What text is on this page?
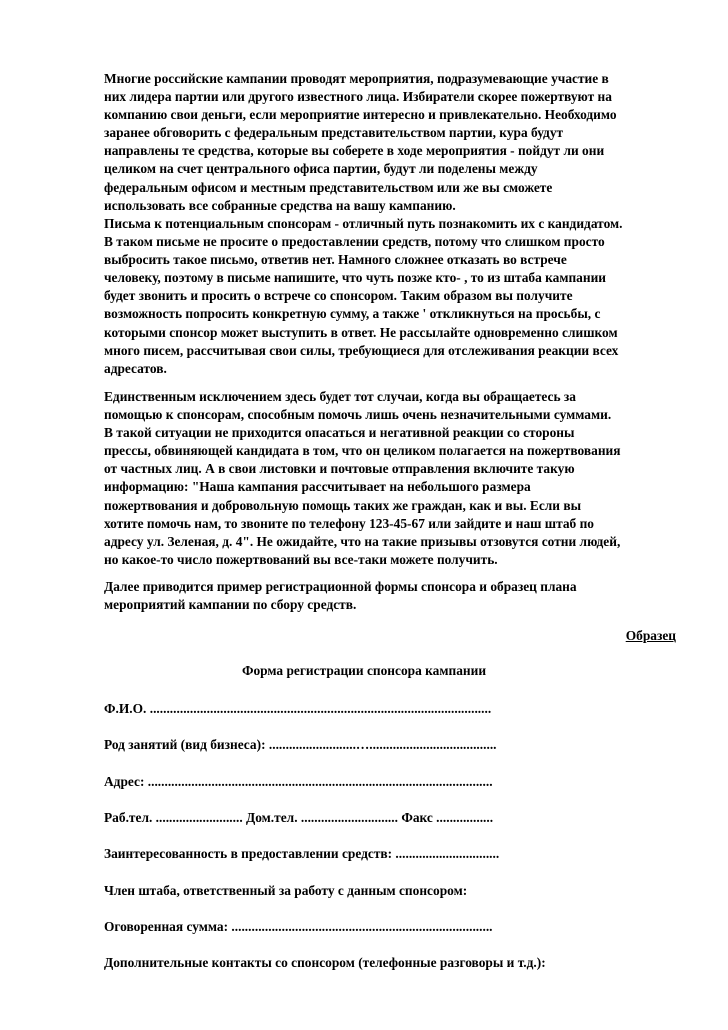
Многие российские кампании проводят мероприятия, подразумевающие участие в
них лидера партии или другого известного лица. Избиратели скорее пожертвуют на
компанию свои деньги, если мероприятие интересно и привлекательно. Необходимо
заранее обговорить с федеральным представительством партии, кура будут
направлены те средства, которые вы соберете в ходе мероприятия - пойдут ли они
целиком на счет центрального офиса партии, будут ли поделены между
федеральным офисом и местным представительством или же вы сможете
использовать все собранные средства на вашу кампанию.
Письма к потенциальным спонсорам - отличный путь познакомить их с кандидатом.
В таком письме не просите о предоставлении средств, потому что слишком просто
выбросить такое письмо, ответив нет. Намного сложнее отказать во встрече
человеку, поэтому в письме напишите, что чуть позже кто- , то из штаба кампании
будет звонить и просить о встрече со спонсором. Таким образом вы получите
возможность попросить конкретную сумму, а также ' откликнуться на просьбы, с
которыми спонсор может выступить в ответ. Не рассылайте одновременно слишком
много писем, рассчитывая свои силы, требующиеся для отслеживания реакции всех
адресатов.
Единственным исключением здесь будет тот случаи, когда вы обращаетесь за
помощью к спонсорам, способным помочь лишь очень незначительными суммами.
В такой ситуации не приходится опасаться и негативной реакции со стороны
прессы, обвиняющей кандидата в том, что он целиком полагается на пожертвования
от частных лиц. А в свои листовки и почтовые отправления включите такую
информацию: "Наша кампания рассчитывает на небольшого размера
пожертвования и добровольную помощь таких же граждан, как и вы. Если вы
хотите помочь нам, то звоните по телефону 123-45-67 или зайдите и наш штаб по
адресу ул. Зеленая, д. 4". Не ожидайте, что на такие призывы отзовутся сотни людей,
но какое-то число пожертвований вы все-таки можете получить.
Далее приводится пример регистрационной формы спонсора и образец плана
мероприятий кампании по сбору средств.
Образец
Форма регистрации спонсора кампании
Ф.И.О. ......................................................................................................
Род занятий (вид бизнеса): ..........................…......................................
Адрес: .......................................................................................................
Раб.тел. .......................... Дом.тел. ............................. Факс .................
Заинтересованность в предоставлении средств: ...............................
Член штаба, ответственный за работу с данным спонсором:
Оговоренная сумма: ..............................................................................
Дополнительные контакты со спонсором (телефонные разговоры и т.д.):
